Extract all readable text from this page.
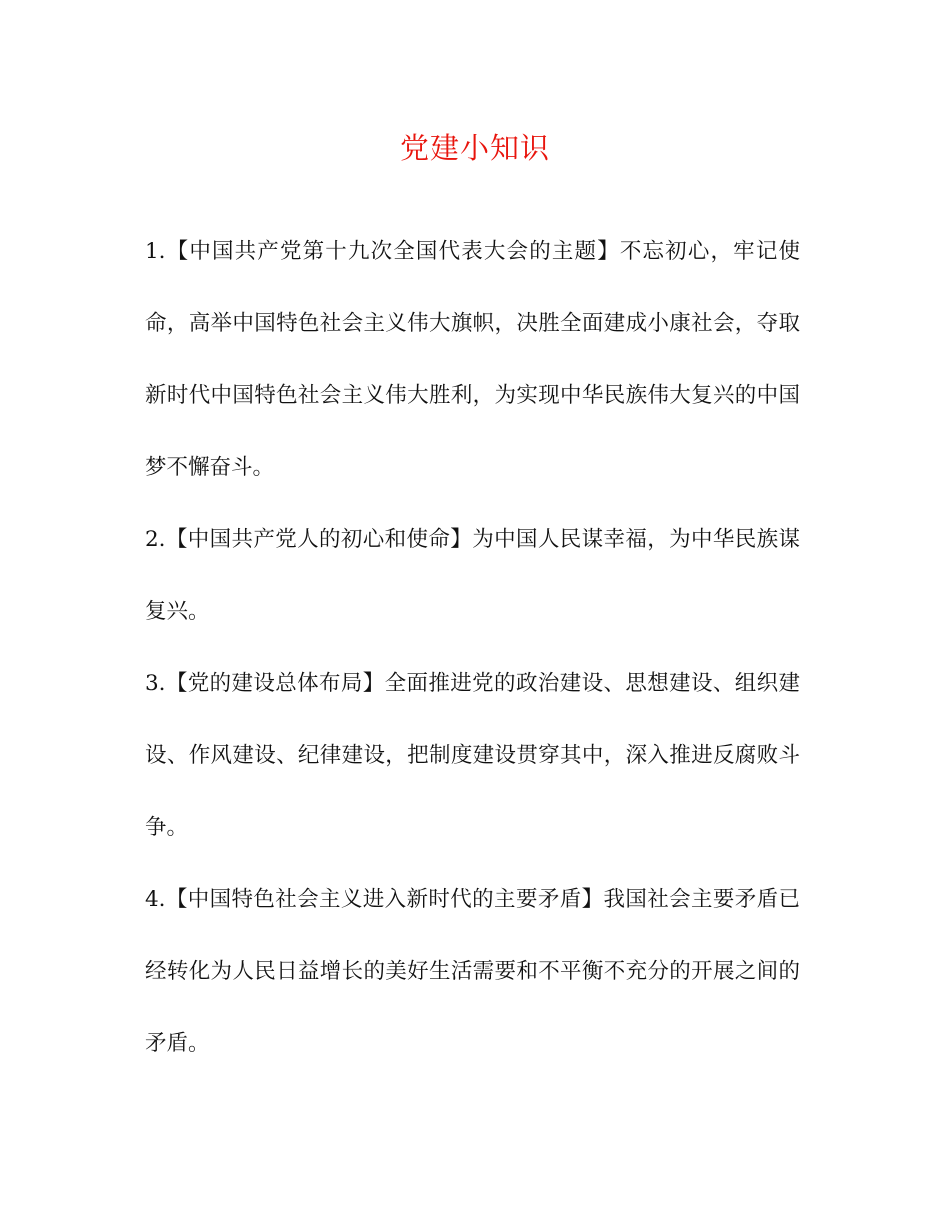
党建小知识

1.【中国共产党第十九次全国代表大会的主题】不忘初心，牢记使命，高举中国特色社会主义伟大旗帜，决胜全面建成小康社会，夺取新时代中国特色社会主义伟大胜利，为实现中华民族伟大复兴的中国梦不懈奋斗。

2.【中国共产党人的初心和使命】为中国人民谋幸福，为中华民族谋复兴。

3.【党的建设总体布局】全面推进党的政治建设、思想建设、组织建设、作风建设、纪律建设，把制度建设贯穿其中，深入推进反腐败斗争。

4.【中国特色社会主义进入新时代的主要矛盾】我国社会主要矛盾已经转化为人民日益增长的美好生活需要和不平衡不充分的开展之间的矛盾。
